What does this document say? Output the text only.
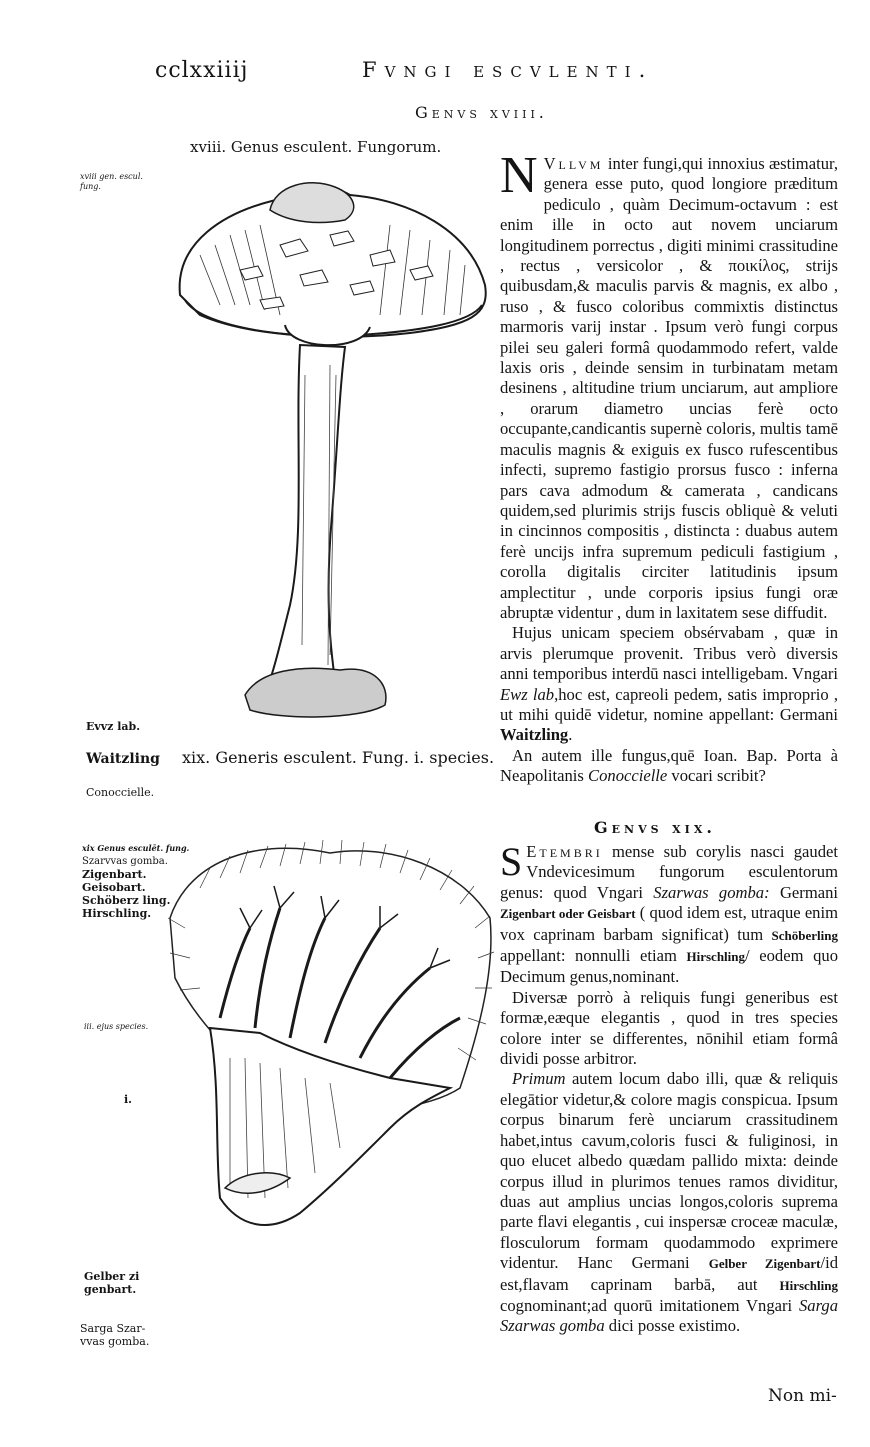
cclxxiiij	Fvngi escvlenti.
Genvs xviii.
xviii. Genus esculent. Fungorum.
xviii gen. escul. fung.	N Vllvm inter fungi,qui innoxius æstimatur, genera esse puto, quod longiore præditum pediculo , quàm Decimum-octavum : est enim ille in octo aut novem unciarum longitudinem porrectus , digiti minimi crassitudine , rectus , versicolor , & ποικίλος, strijs quibusdam,& maculis parvis & magnis, ex albo , ruso , & fusco coloribus commixtis distinctus marmoris varij instar . Ipsum verò fungi corpus pilei seu galeri formâ quodammodo refert, valde laxis oris , deinde sensim in turbinatam metam desinens , altitudine trium unciarum, aut ampliore , orarum diametro uncias ferè octo occupante,candicantis supernè coloris, multis tamē maculis magnis & exiguis ex fusco rufescentibus infecti, supremo fastigio prorsus fusco : inferna pars cava admodum & camerata , candicans quidem,sed plurimis strijs fuscis obliquè & veluti in cincinnos compositis , distincta : duabus autem ferè uncijs infra supremum pediculi fastigium , corolla digitalis circiter latitudinis ipsum amplectitur , unde corporis ipsius fungi oræ abruptæ videntur , dum in laxitatem sese diffudit.

Hujus unicam speciem obsérvabam , quæ in arvis plerumque provenit. Tribus verò diversis anni temporibus interdū nasci intelligebam. Vngari Ewz lab,hoc est, capreoli pedem, satis improprio , ut mihi quidē videtur, nomine appellant: Germani Waitzling.

An autem ille fungus,quē Ioan. Bap. Porta à Neapolitanis Conoccielle vocari scribit?

Evvz lab.
Waitzling
Conoccielle.
xix. Generis esculent. Fung. i. species.
Genvs xix.
xix Genus esculēt. fung.
Szarvvas gomba.
Zigenbart.
Geisobart.
Schöberz ling.
Hirschling.
iii. ejus species.
i.
Gelber zi
genbart.
Sarga Szar-
vvas gomba.

S Etembri mense sub corylis nasci gaudet Vndevicesimum fungorum esculentorum genus: quod Vngari Szarwas gomba: Germani Zigenbart oder Geisbart ( quod idem est, utraque enim vox caprinam barbam significat) tum Schöberling appellant: nonnulli etiam Hirschling/ eodem quo Decimum genus,nominant.

Diversæ porrò à reliquis fungi generibus est formæ,eæque elegantis , quod in tres species colore inter se differentes, nōnihil etiam formâ dividi posse arbitror.

Primum autem locum dabo illi, quæ & reliquis elegātior videtur,& colore magis conspicua. Ipsum corpus binarum ferè unciarum crassitudinem habet,intus cavum,coloris fusci & fuliginosi, in quo elucet albedo quædam pallido mixta: deinde corpus illud in plurimos tenues ramos dividitur, duas aut amplius uncias longos,coloris suprema parte flavi elegantis , cui inspersæ croceæ maculæ, flosculorum formam quodammodo exprimere videntur. Hanc Germani Gelber Zigenbart/id est,flavam caprinam barbā, aut Hirschling cognominant;ad quorū imitationem Vngari Sarga Szarwas gomba dici posse existimo.

Non mi-
